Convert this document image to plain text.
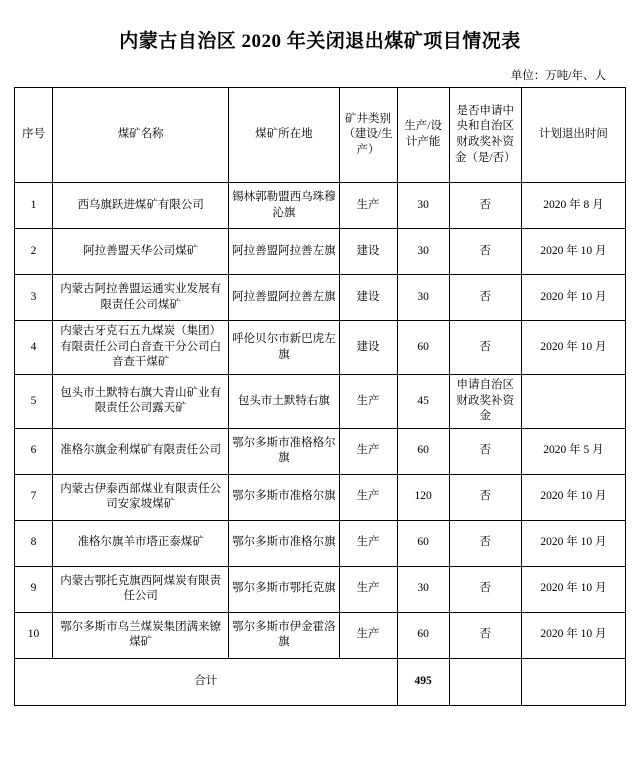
内蒙古自治区 2020 年关闭退出煤矿项目情况表
单位：万吨/年、人
序号	煤矿名称	煤矿所在地	矿井类别（建设/生产）	生产/设计产能	是否申请中央和自治区财政奖补资金（是/否）	计划退出时间
1	西乌旗跃进煤矿有限公司	锡林郭勒盟西乌珠穆沁旗	生产	30	否	2020 年 8 月
2	阿拉善盟天华公司煤矿	阿拉善盟阿拉善左旗	建设	30	否	2020 年 10 月
3	内蒙古阿拉善盟运通实业发展有限责任公司煤矿	阿拉善盟阿拉善左旗	建设	30	否	2020 年 10 月
4	内蒙古牙克石五九煤炭（集团）有限责任公司白音查干分公司白音查干煤矿	呼伦贝尔市新巴虎左旗	建设	60	否	2020 年 10 月
5	包头市土默特右旗大青山矿业有限责任公司露天矿	包头市土默特右旗	生产	45	申请自治区财政奖补资金	
6	准格尔旗金利煤矿有限责任公司	鄂尔多斯市准格格尔旗	生产	60	否	2020 年 5 月
7	内蒙古伊泰西部煤业有限责任公司安家坡煤矿	鄂尔多斯市准格尔旗	生产	120	否	2020 年 10 月
8	准格尔旗羊市塔正泰煤矿	鄂尔多斯市准格尔旗	生产	60	否	2020 年 10 月
9	内蒙古鄂托克旗西阿煤炭有限责任公司	鄂尔多斯市鄂托克旗	生产	30	否	2020 年 10 月
10	鄂尔多斯市乌兰煤炭集团满来镣煤矿	鄂尔多斯市伊金霍洛旗	生产	60	否	2020 年 10 月
合计				495		
